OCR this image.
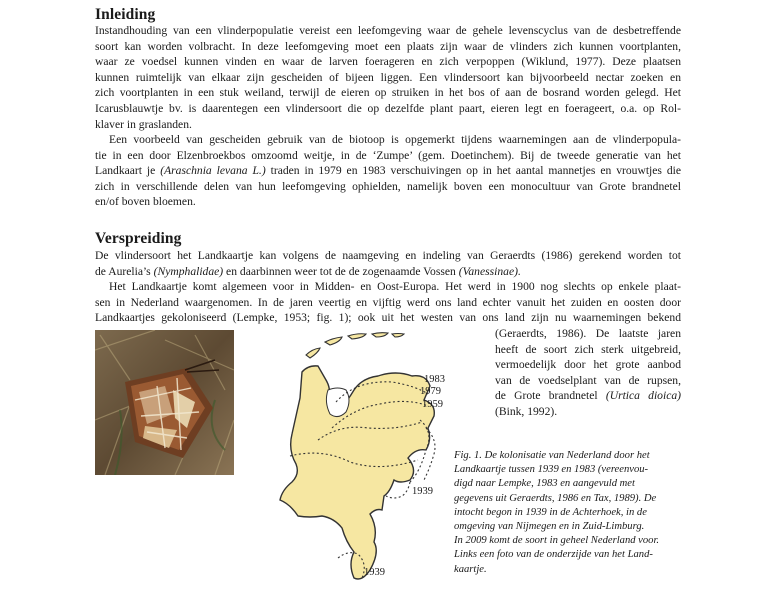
Inleiding
Instandhouding van een vlinderpopulatie vereist een leefomgeving waar de gehele levenscyclus van de desbetreffende
soort kan worden volbracht. In deze leefomgeving moet een plaats zijn waar de vlinders zich kunnen voortplanten,
waar ze voedsel kunnen vinden en waar de larven foerageren en zich verpoppen (Wiklund, 1977). Deze plaatsen
kunnen ruimtelijk van elkaar zijn gescheiden of bijeen liggen. Een vlindersoort kan bijvoorbeeld nectar zoeken en
zich voortplanten in een stuk weiland, terwijl de eieren op struiken in het bos of aan de bosrand worden gelegd. Het
Icarusblauwtje bv. is daarentegen een vlindersoort die op dezelfde plant paart, eieren legt en foerageert, o.a. op Rol-
klaver in graslanden.
Een voorbeeld van gescheiden gebruik van de biotoop is opgemerkt tijdens waarnemingen aan de vlinderpopula-
tie in een door Elzenbroekbos omzoomd weitje, in de ‘Zumpe’ (gem. Doetinchem). Bij de tweede generatie van het
Landkaart je (Araschnia levana L.) traden in 1979 en 1983 verschuivingen op in het aantal mannetjes en vrouwtjes die
zich in verschillende delen van hun leefomgeving ophielden, namelijk boven een monocultuur van Grote brandnetel
en/of boven bloemen.
Verspreiding
De vlindersoort het Landkaartje kan volgens de naamgeving en indeling van Geraerdts (1986) gerekend worden tot
de Aurelia’s (Nymphalidae) en daarbinnen weer tot de de zogenaamde Vossen (Vanessinae).
Het Landkaartje komt algemeen voor in Midden- en Oost-Europa. Het werd in 1900 nog slechts op enkele plaat-
sen in Nederland waargenomen. In de jaren veertig en vijftig werd ons land echter vanuit het zuiden en oosten door
Landkaartjes gekoloniseerd (Lempke, 1953; fig. 1); ook uit het westen van ons land zijn nu waarnemingen bekend
(Geraerdts, 1986). De laatste jaren
heeft de soort zich sterk uitgebreid,
vermoedelijk door het grote aanbod
van de voedselplant van de rupsen,
de Grote brandnetel (Urtica dioica)
(Bink, 1992).
1983
1979
1959
1939
1939
Fig. 1. De kolonisatie van Nederland door het
Landkaartje tussen 1939 en 1983 (vereenvou-
digd naar Lempke, 1983 en aangevuld met
gegevens uit Geraerdts, 1986 en Tax, 1989). De
intocht begon in 1939 in de Achterhoek, in de
omgeving van Nijmegen en in Zuid-Limburg.
In 2009 komt de soort in geheel Nederland voor.
Links een foto van de onderzijde van het Land-
kaartje.
